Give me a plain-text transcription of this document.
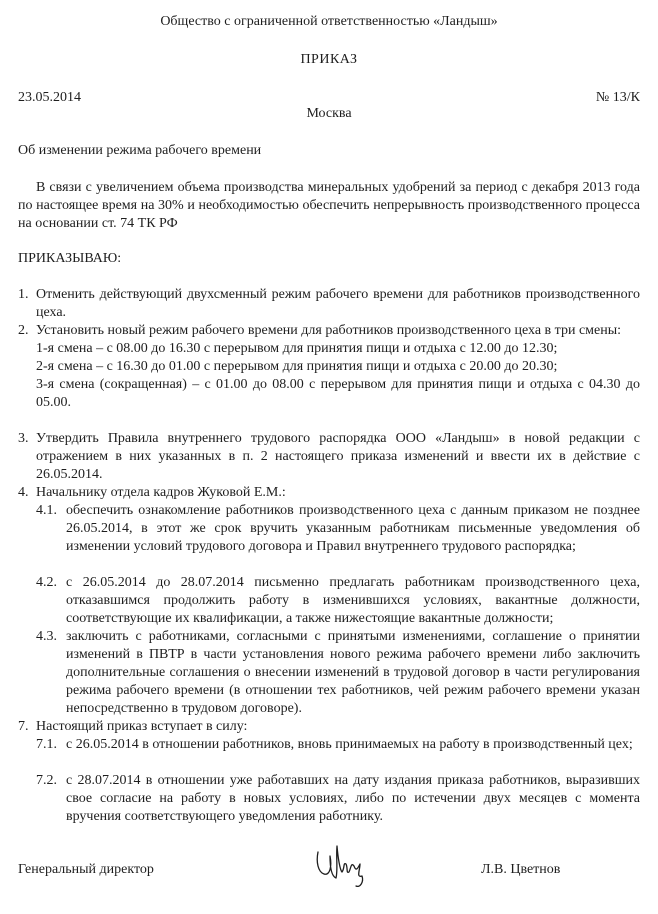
Общество с ограниченной ответственностью «Ландыш»
ПРИКАЗ
23.05.2014	№ 13/К
Москва
Об изменении режима рабочего времени
В связи с увеличением объема производства минеральных удобрений за период с декабря 2013 года по настоящее время на 30% и необходимостью обеспечить непрерывность производственного процесса на основании ст. 74 ТК РФ
ПРИКАЗЫВАЮ:
1. Отменить действующий двухсменный режим рабочего времени для работников производственного цеха.
2. Установить новый режим рабочего времени для работников производственного цеха в три смены:
1-я смена – с 08.00 до 16.30 с перерывом для принятия пищи и отдыха с 12.00 до 12.30;
2-я смена – с 16.30 до 01.00 с перерывом для принятия пищи и отдыха с 20.00 до 20.30;
3-я смена (сокращенная) – с 01.00 до 08.00 с перерывом для принятия пищи и отдыха с 04.30 до 05.00.
3. Утвердить Правила внутреннего трудового распорядка ООО «Ландыш» в новой редакции с отражением в них указанных в п. 2 настоящего приказа изменений и ввести их в действие с 26.05.2014.
4. Начальнику отдела кадров Жуковой Е.М.:
4.1. обеспечить ознакомление работников производственного цеха с данным приказом не позднее 26.05.2014, в этот же срок вручить указанным работникам письменные уведомления об изменении условий трудового договора и Правил внутреннего трудового распорядка;
4.2. с 26.05.2014 до 28.07.2014 письменно предлагать работникам производственного цеха, отказавшимся продолжить работу в изменившихся условиях, вакантные должности, соответствующие их квалификации, а также нижестоящие вакантные должности;
4.3. заключить с работниками, согласными с принятыми изменениями, соглашение о принятии изменений в ПВТР в части установления нового режима рабочего времени либо заключить дополнительные соглашения о внесении изменений в трудовой договор в части регулирования режима рабочего времени (в отношении тех работников, чей режим рабочего времени указан непосредственно в трудовом договоре).
7. Настоящий приказ вступает в силу:
7.1. с 26.05.2014 в отношении работников, вновь принимаемых на работу в производственный цех;
7.2. с 28.07.2014 в отношении уже работавших на дату издания приказа работников, выразивших свое согласие на работу в новых условиях, либо по истечении двух месяцев с момента вручения соответствующего уведомления работнику.
Генеральный директор	Л.В. Цветнов
